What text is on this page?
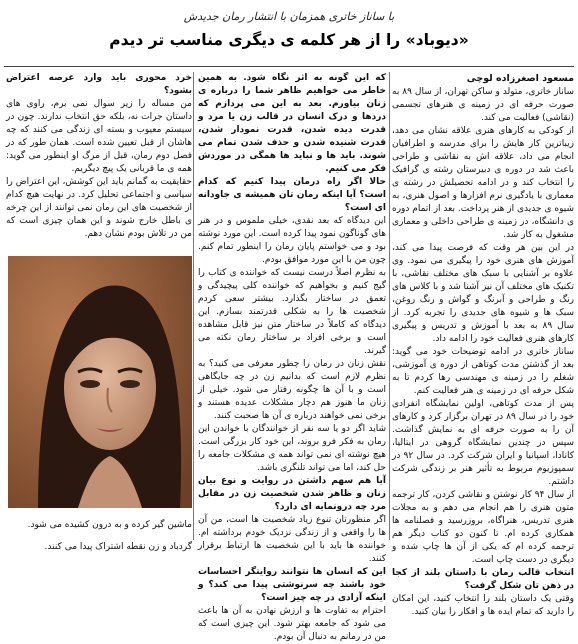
با ساناز خاتری همزمان با انتشار رمان جدیدش
«دیوباد» را از هر کلمه ی دیگری مناسب تر دیدم
مسعود اصغرزاده لوچی

ساناز خاتری، متولد و ساکن تهران، از سال ۸۹ به صورت حرفه ای در زمینه ی هنرهای تجسمی (نقاشی) فعالیت می کند.

از کودکی به کارهای هنری علاقه نشان می دهد، زیباترین کار هایش را برای مدرسه و اطرافیان انجام می داد، علاقه اش به نقاشی و طراحی باعث شد در دوره ی دبیرستان رشته ی گرافیک را انتخاب کند و در ادامه تحصیلش در رشته ی معماری با یادگیری نرم افزارها و اصول هنری، به شیوه ی جدیدی از هنر پرداخت. بعد از اتمام دوره ی دانشگاه، در زمینه ی طراحی داخلی و معماری مشغول به کار شد.

در این بین هر وقت که فرصت پیدا می کند، آموزش های هنری خود را پیگیری می نمود. وی علاوه بر آشنایی با سبک های مختلف نقاشی، با تکنیک های مختلف آن نیز آشنا شد و با کلاس های رنگ و طراحی و آبرنگ و گواش و رنگ روغن، سبک ها و شیوه های جدیدی را تجربه کرد. از سال ۸۹ به بعد با آموزش و تدریس و پیگیری کارهای هنری فعالیت خود را ادامه داد.

ساناز خاتری در ادامه توضیحات خود می گوید: بعد از گذشتن مدت کوتاهی از دوره ی آموزشی، شغلم را در زمینه ی مهندسی رها کردم تا به شکل حرفه ای در زمینه ی هنر فعالیت کنم.

پس از مدت کوتاهی، اولین نمایشگاه انفرادی خود را در سال ۸۹ در تهران برگزار کرد و کارهای آن را به صورت حرفه ای به نمایش گذاشت. سپس در چندین نمایشگاه گروهی در ایتالیا، کانادا، اسپانیا و ایران شرکت کرد. در سال ۹۲ در سمپوزیوم مربوط به تأثیر هنر بر زندگی شرکت داشتم.

از سال ۹۴ کار نوشتن و نقاشی کردن، کار ترجمه متون هنری را هم انجام می دهم و به مجلات هنری تدریس، هنراگاه، بروزرسید و فصلنامه ها همکاری کرده ام. تا کنون دو کتاب دیگر هم ترجمه کرده ام که یکی از آن ها چاپ شده و دیگری در دست چاپ است.

انتخاب قالب رمان با داستان بلند از کجا در ذهن تان شکل گرفت؟

وقتی یک داستان بلند را انتخاب کنید، این امکان را دارید که تمام ایده ها و افکار را بیان کنید.

که این گونه به اثر نگاه شود. به همین خاطر می خواهیم ظاهر شما را درباره ی زنان بیاورم. بعد به این می پردازم که دردها و درک انسان در قالب زن یا مرد و قدرت دیده شدن، قدرت نمودار شدن، قدرت شنیده شدن و حذف شدن تمام می شوند. باید ها و نباید ها همگی در موردش فکر می کنیم.

حالا اگر راه درمان پیدا کنیم که کدام است؟ آیا اینکه رمان تان همیشه ی جاودانه ای است؟

این دیدگاه که بعد نقدی، خیلی ملموس و در هنر های گوناگون نمود پیدا کرده است. این مورد نوشته بود و می خواستم پایان رمان را اینطور تمام کنم. چون من با این مورد موافق بودم.

به نظرم اصلاً درست نیست که خواننده ی کتاب را گیج کنیم و بخواهیم که خواننده کلی پیچیدگی و تعمق در ساختار بگذارد. بیشتر سعی کردم شخصیت ها را به شکلی قدرتمند بسازم. این دیدگاه که کاملاً در ساختار متن نیز قابل مشاهده است و برخی افراد بر ساختار رمان نکته می گیرند.

نقش زنان در رمان را چطور معرفی می کنید؟ به نظرم لازم است که بدانیم زن در چه جایگاهی است و با آن ها چگونه رفتار می شود. خیلی از زنان ما هنوز هم دچار مشکلات عدیده هستند و برخی نمی خواهند درباره ی آن ها صحبت کنند.

شاید اگر دو یا سه نفر از خوانندگان با خواندن این رمان به فکر فرو بروند، این خود کار بزرگی است. هیچ نوشته ای نمی تواند همه ی مشکلات جامعه را حل کند، اما می تواند تلنگری باشد.

آیا هم سهم داشتن در روایت و نوع بیان زنان و ظاهر شدن شخصیت زن در مقابل مرد چه درونمایه ای دارد؟

اگر منظورتان تنوع زیاد شخصیت ها است، من آن ها را واقعی و از زندگی نزدیک خودم برداشته ام. خواننده ها باید با این شخصیت ها ارتباط برقرار کنند.

این که انسان ها نتوانند روایتگر احساسات خود باشند چه سرنوشتی پیدا می کند؟ و اینکه آزادی در چه چیز است؟

احترام به تفاوت ها و ارزش نهادن به آن ها باعث می شود که جامعه بهتر شود. این چیزی است که من در رمانم به دنبال آن بودم.

خرد محوری باید وارد عرصه اعتراض بشود؟

من مساله را زیر سوال نمی برم، راوی های داستان جرات نه، بلکه حق انتخاب ندارند. چون در سیستم معیوب و بسته ای زندگی می کنند که چه هاشان از قبل تعیین شده است. همان طور که در فصل دوم رمان، قبل از مرگ او اینطور می گوید: همه ی ما قربانی یک پیچ دیگریم.

حقایقیت به گمانم باید این کوشش، این اعتراض را سیاسی و اجتماعی تحلیل کرد. در نهایت هیچ کدام از شخصیت های این رمان نمی توانند از این چرخه ی باطل خارج شوند و این همان چیزی است که من در تلاش بودم نشان دهم.

ماشین گیر کرده و به درون کشیده می شود.

گردباد و زن نقطه اشتراک پیدا می کنند.
